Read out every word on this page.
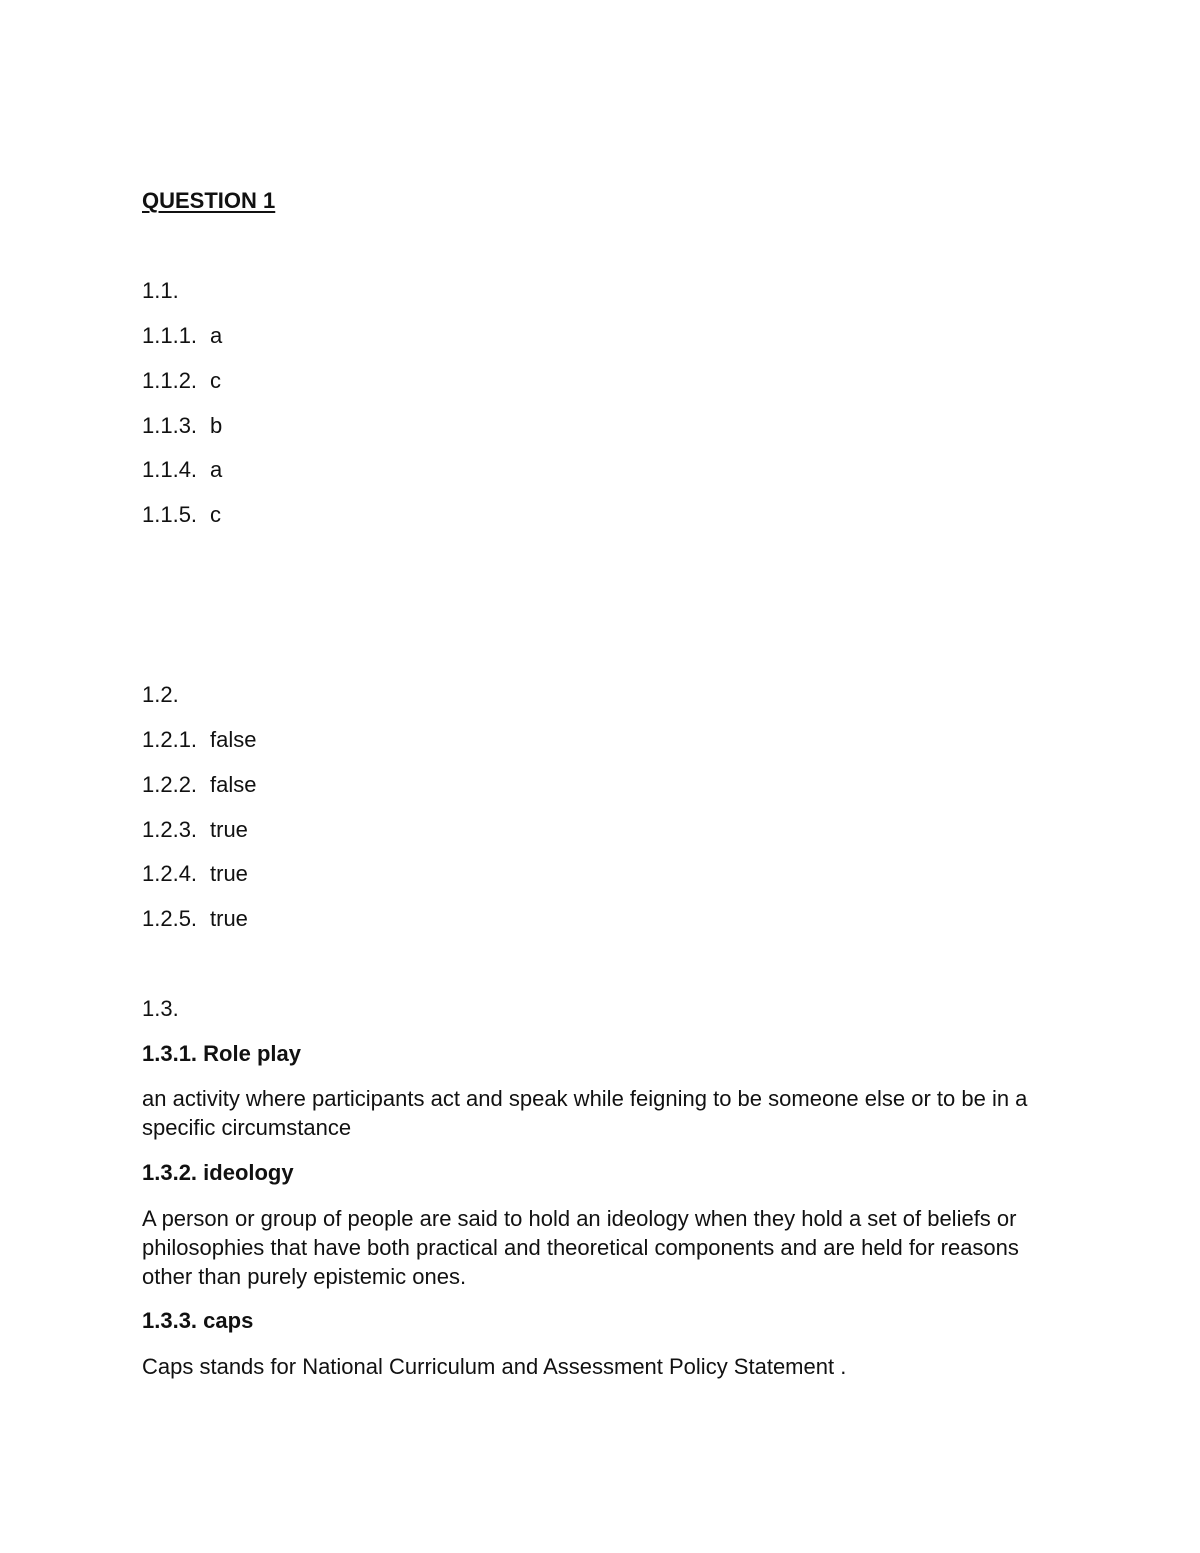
QUESTION 1
1.1.
1.1.1. a
1.1.2. c
1.1.3. b
1.1.4. a
1.1.5. c
1.2.
1.2.1. false
1.2.2. false
1.2.3. true
1.2.4. true
1.2.5. true
1.3.
1.3.1. Role play
an activity where participants act and speak while feigning to be someone else or to be in a specific circumstance
1.3.2. ideology
A person or group of people are said to hold an ideology when they hold a set of beliefs or philosophies that have both practical and theoretical components and are held for reasons other than purely epistemic ones.
1.3.3. caps
Caps stands for National Curriculum and Assessment Policy Statement .
